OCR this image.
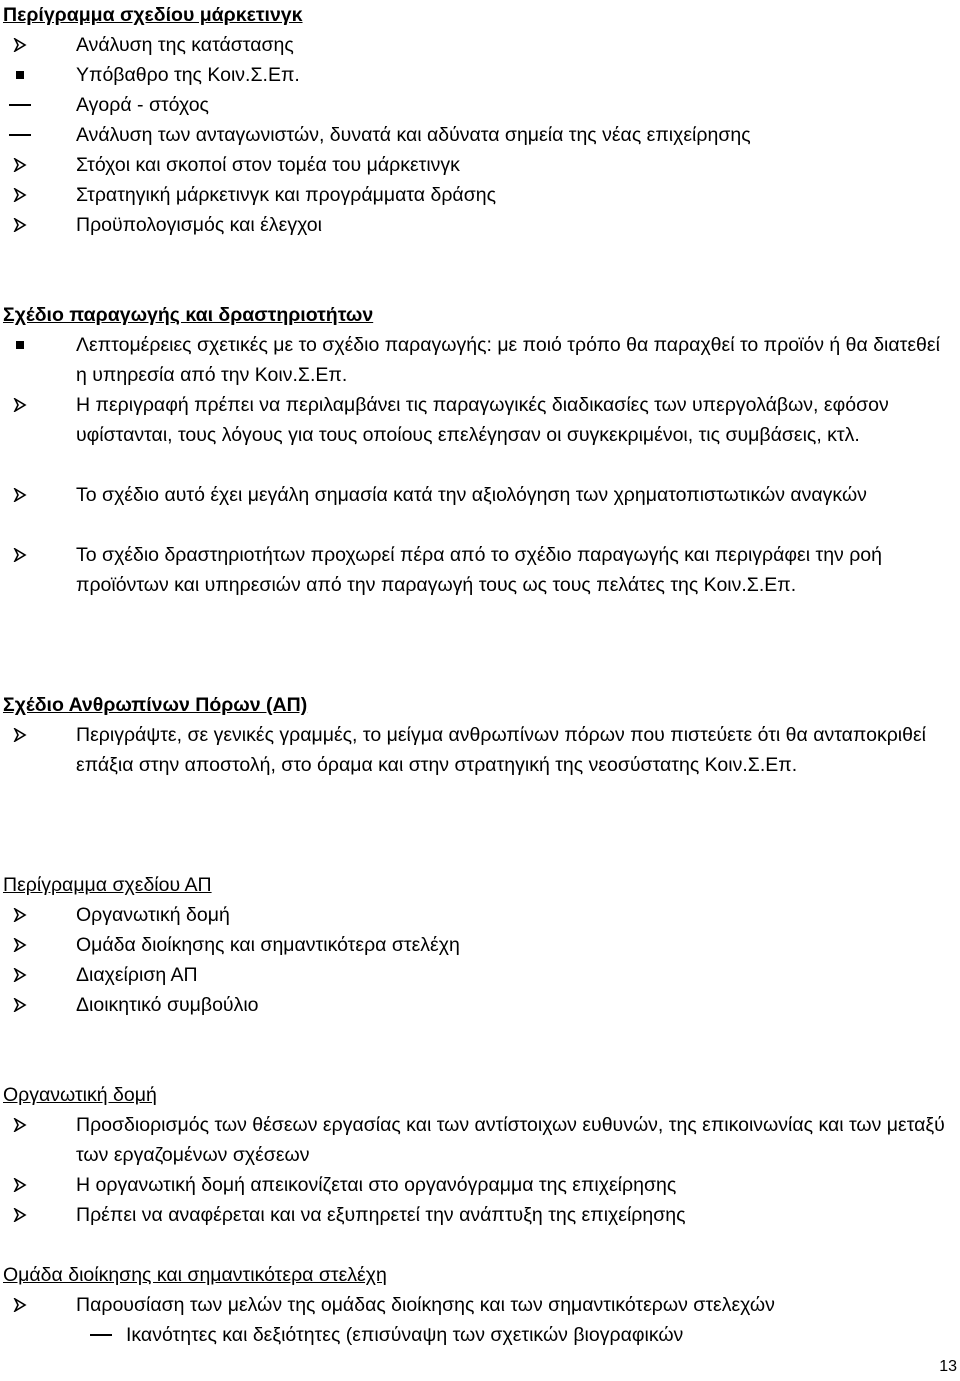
Περίγραμμα σχεδίου μάρκετινγκ
Ανάλυση της κατάστασης
Υπόβαθρο της Κοιν.Σ.Επ.
Αγορά - στόχος
Ανάλυση των ανταγωνιστών, δυνατά και αδύνατα σημεία της νέας επιχείρησης
Στόχοι και σκοποί στον τομέα του μάρκετινγκ
Στρατηγική μάρκετινγκ και προγράμματα δράσης
Προϋπολογισμός και έλεγχοι
Σχέδιο παραγωγής και δραστηριοτήτων
Λεπτομέρειες σχετικές με το σχέδιο παραγωγής: με ποιό τρόπο θα παραχθεί το προϊόν ή θα διατεθεί η υπηρεσία από την Κοιν.Σ.Επ.
Η περιγραφή πρέπει να περιλαμβάνει τις παραγωγικές διαδικασίες των υπεργολάβων, εφόσον υφίστανται, τους λόγους για τους οποίους επελέγησαν οι συγκεκριμένοι, τις συμβάσεις, κτλ.
Το σχέδιο αυτό έχει μεγάλη σημασία κατά την αξιολόγηση των χρηματοπιστωτικών αναγκών
Το σχέδιο δραστηριοτήτων προχωρεί πέρα από το σχέδιο παραγωγής και περιγράφει την ροή προϊόντων και υπηρεσιών από την παραγωγή τους ως τους πελάτες της Κοιν.Σ.Επ.
Σχέδιο Ανθρωπίνων Πόρων (ΑΠ)
Περιγράψτε, σε γενικές γραμμές, το μείγμα ανθρωπίνων πόρων που πιστεύετε ότι θα ανταποκριθεί επάξια στην αποστολή, στο όραμα και στην στρατηγική της νεοσύστατης Κοιν.Σ.Επ.
Περίγραμμα σχεδίου ΑΠ
Οργανωτική δομή
Ομάδα διοίκησης και σημαντικότερα στελέχη
Διαχείριση ΑΠ
Διοικητικό συμβούλιο
Οργανωτική δομή
Προσδιορισμός των θέσεων εργασίας και των αντίστοιχων ευθυνών, της επικοινωνίας και των μεταξύ των εργαζομένων σχέσεων
Η οργανωτική δομή απεικονίζεται στο οργανόγραμμα της επιχείρησης
Πρέπει να αναφέρεται και να εξυπηρετεί την ανάπτυξη της επιχείρησης
Ομάδα διοίκησης και σημαντικότερα στελέχη
Παρουσίαση των μελών της ομάδας διοίκησης και των σημαντικότερων στελεχών
Ικανότητες και δεξιότητες (επισύναψη των σχετικών βιογραφικών
13
